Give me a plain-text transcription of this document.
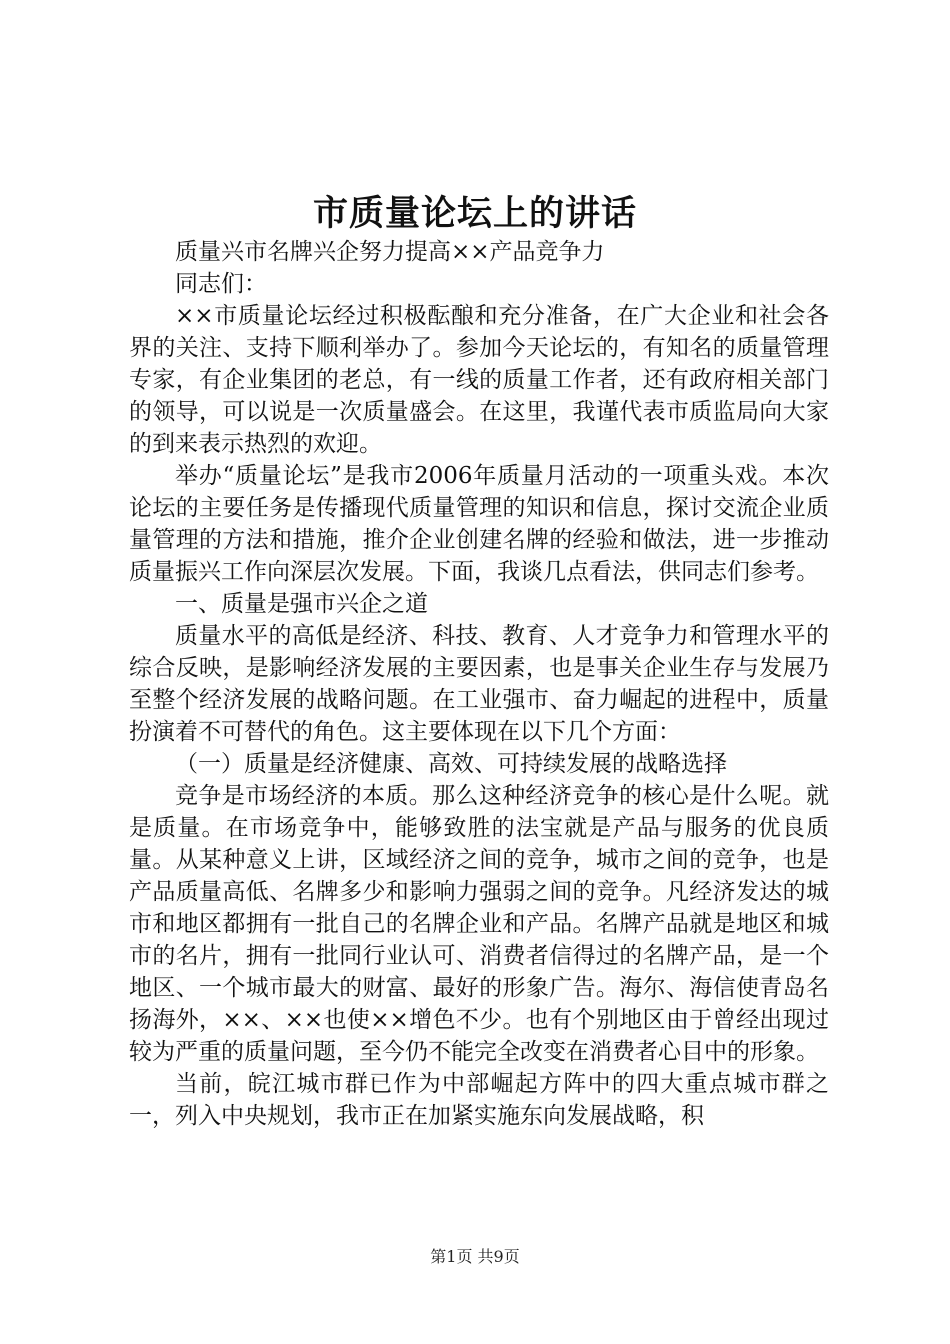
市质量论坛上的讲话

质量兴市名牌兴企努力提高××产品竞争力

同志们：

××市质量论坛经过积极酝酿和充分准备，在广大企业和社会各界的关注、支持下顺利举办了。参加今天论坛的，有知名的质量管理专家，有企业集团的老总，有一线的质量工作者，还有政府相关部门的领导，可以说是一次质量盛会。在这里，我谨代表市质监局向大家的到来表示热烈的欢迎。

举办“质量论坛”是我市2006年质量月活动的一项重头戏。本次论坛的主要任务是传播现代质量管理的知识和信息，探讨交流企业质量管理的方法和措施，推介企业创建名牌的经验和做法，进一步推动质量振兴工作向深层次发展。下面，我谈几点看法，供同志们参考。

一、质量是强市兴企之道

质量水平的高低是经济、科技、教育、人才竞争力和管理水平的综合反映，是影响经济发展的主要因素，也是事关企业生存与发展乃至整个经济发展的战略问题。在工业强市、奋力崛起的进程中，质量扮演着不可替代的角色。这主要体现在以下几个方面：

（一）质量是经济健康、高效、可持续发展的战略选择

竞争是市场经济的本质。那么这种经济竞争的核心是什么呢。就是质量。在市场竞争中，能够致胜的法宝就是产品与服务的优良质量。从某种意义上讲，区域经济之间的竞争，城市之间的竞争，也是产品质量高低、名牌多少和影响力强弱之间的竞争。凡经济发达的城市和地区都拥有一批自己的名牌企业和产品。名牌产品就是地区和城市的名片，拥有一批同行业认可、消费者信得过的名牌产品，是一个地区、一个城市最大的财富、最好的形象广告。海尔、海信使青岛名扬海外，××、××也使××增色不少。也有个别地区由于曾经出现过较为严重的质量问题，至今仍不能完全改变在消费者心目中的形象。

当前，皖江城市群已作为中部崛起方阵中的四大重点城市群之一，列入中央规划，我市正在加紧实施东向发展战略，积

第1页 共9页
